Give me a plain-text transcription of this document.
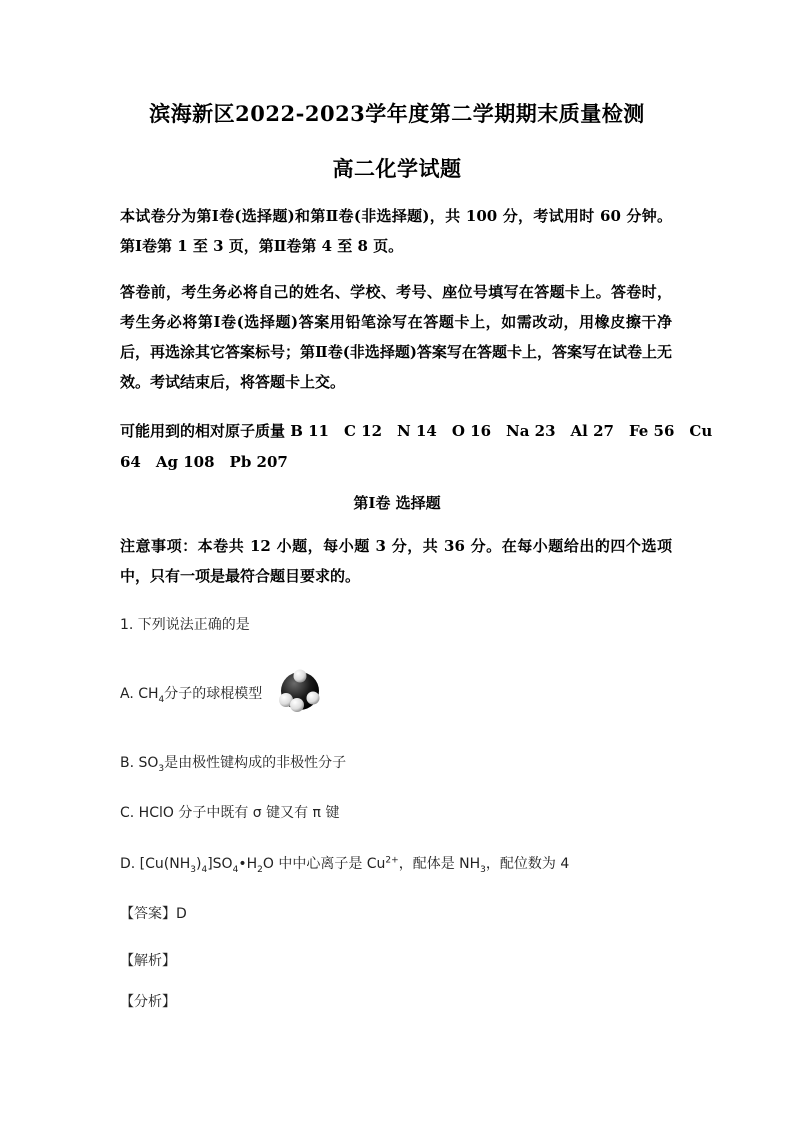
滨海新区2022-2023学年度第二学期期末质量检测
高二化学试题
本试卷分为第Ⅰ卷(选择题)和第Ⅱ卷(非选择题)，共 100 分，考试用时 60 分钟。第Ⅰ卷第 1 至 3 页，第Ⅱ卷第 4 至 8 页。
答卷前，考生务必将自己的姓名、学校、考号、座位号填写在答题卡上。答卷时，考生务必将第Ⅰ卷(选择题)答案用铅笔涂写在答题卡上，如需改动，用橡皮擦干净后，再选涂其它答案标号；第Ⅱ卷(非选择题)答案写在答题卡上，答案写在试卷上无效。考试结束后，将答题卡上交。
可能用到的相对原子质量 B 11　C 12　N 14　O 16　Na 23　Al 27　Fe 56　Cu
64　Ag 108　Pb 207
第Ⅰ卷 选择题
注意事项：本卷共 12 小题，每小题 3 分，共 36 分。在每小题给出的四个选项中，只有一项是最符合题目要求的。
1. 下列说法正确的是
A. $CH_4$分子的球棍模型
B. $SO_3$是由极性键构成的非极性分子
C. HClO 分子中既有 σ 键又有 π 键
D. $[Cu(NH_3)_4]SO_4•H_2O$ 中中心离子是 $Cu^{2+}$，配体是 $NH_3$，配位数为 4
【答案】D
【解析】
【分析】
